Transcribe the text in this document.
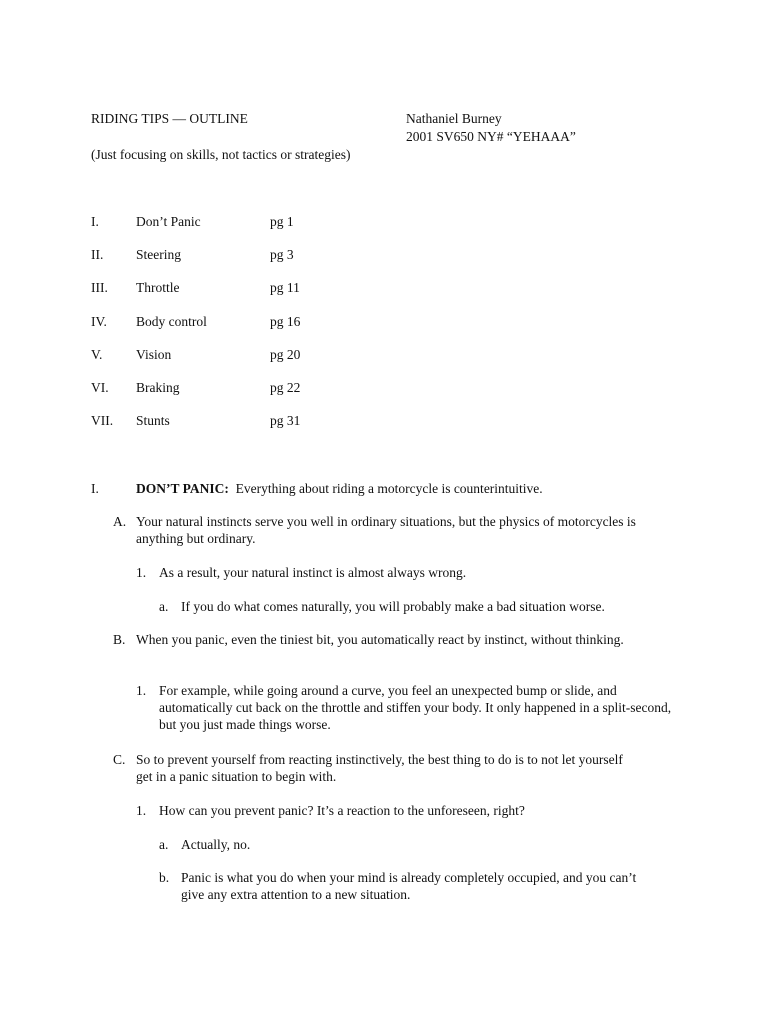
RIDING TIPS — OUTLINE	Nathaniel Burney
2001 SV650 NY# “YEHAAA”
(Just focusing on skills, not tactics or strategies)
I.	Don’t Panic	pg 1
II. Steering	pg 3
III. Throttle	pg 11
IV. Body control	pg 16
V. Vision	pg 20
VI. Braking	pg 22
VII. Stunts	pg 31
I.	DON’T PANIC: Everything about riding a motorcycle is counterintuitive.
A. Your natural instincts serve you well in ordinary situations, but the physics of motorcycles is anything but ordinary.
1. As a result, your natural instinct is almost always wrong.
a. If you do what comes naturally, you will probably make a bad situation worse.
B. When you panic, even the tiniest bit, you automatically react by instinct, without thinking.
1. For example, while going around a curve, you feel an unexpected bump or slide, and automatically cut back on the throttle and stiffen your body. It only happened in a split-second, but you just made things worse.
C. So to prevent yourself from reacting instinctively, the best thing to do is to not let yourself get in a panic situation to begin with.
1. How can you prevent panic? It’s a reaction to the unforeseen, right?
a. Actually, no.
b. Panic is what you do when your mind is already completely occupied, and you can’t give any extra attention to a new situation.
